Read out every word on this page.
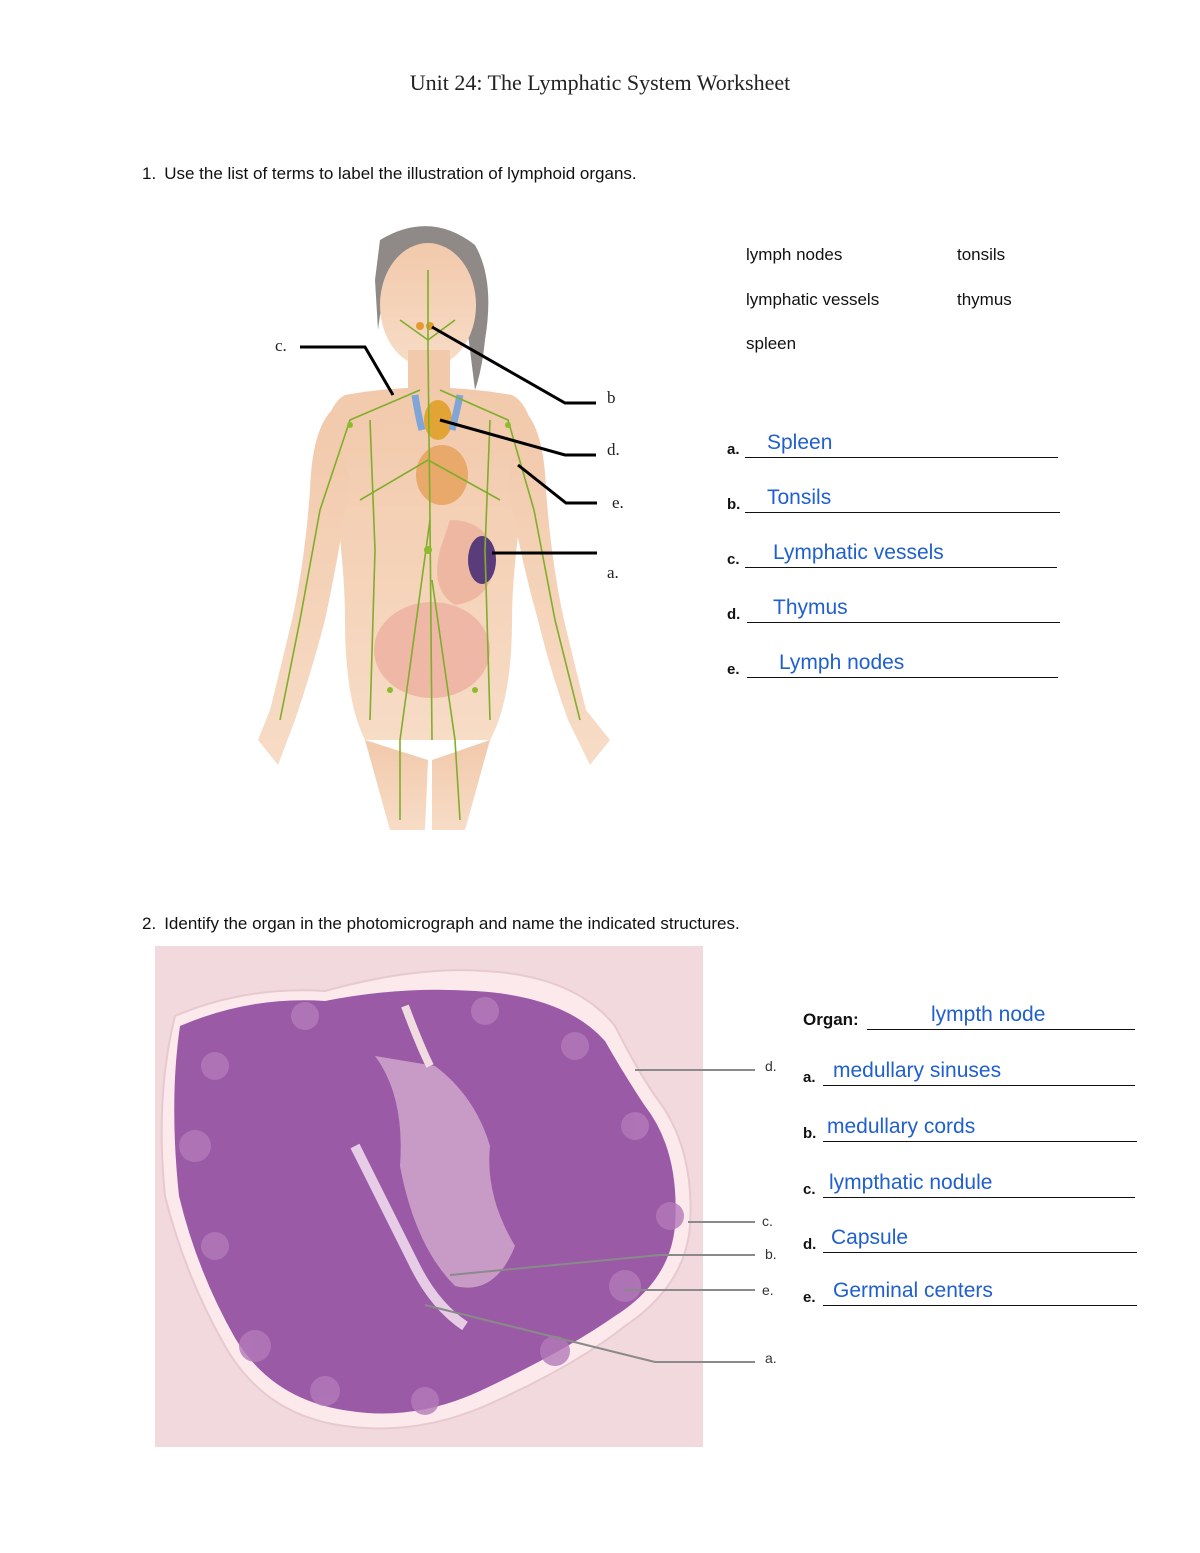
Unit 24: The Lymphatic System Worksheet
1. Use the list of terms to label the illustration of lymphoid organs.
c.
b
d.
e.
a.
lymph nodes	tonsils
lymphatic vessels	thymus
spleen
a. Spleen
b. Tonsils
c. Lymphatic vessels
d. Thymus
e. Lymph nodes
2. Identify the organ in the photomicrograph and name the indicated structures.
d.
c.
b.
e.
a.
Organ:	lympth node
a. medullary sinuses
b. medullary cords
c. lympthatic nodule
d. Capsule
e. Germinal centers
